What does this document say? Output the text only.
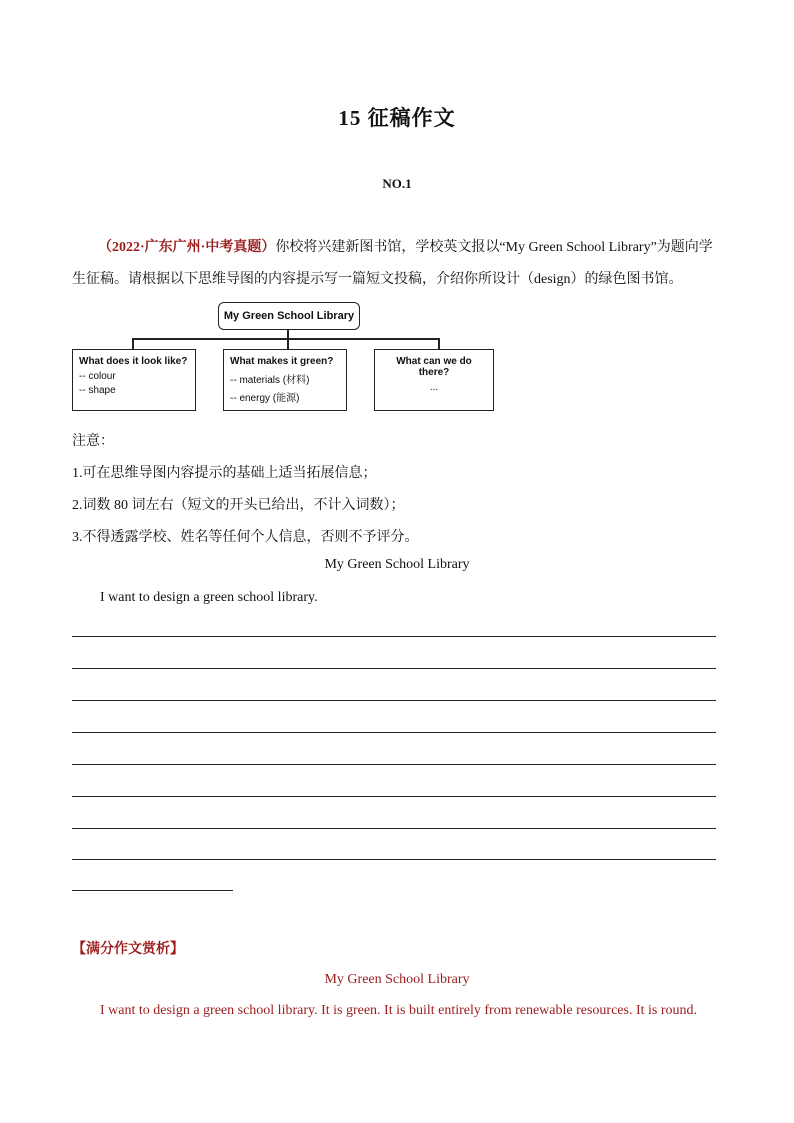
15 征稿作文
NO.1
（2022·广东广州·中考真题）你校将兴建新图书馆，学校英文报以“My Green School Library”为题向学生征稿。请根据以下思维导图的内容提示写一篇短文投稿，介绍你所设计（design）的绿色图书馆。
My Green School Library
What does it look like?
-- colour
-- shape
What makes it green?
-- materials (材料)
-- energy (能源)
What can we do there?
...
注意：
1.可在思维导图内容提示的基础上适当拓展信息；
2.词数 80 词左右（短文的开头已给出，不计入词数）；
3.不得透露学校、姓名等任何个人信息，否则不予评分。
My Green School Library
I want to design a green school library.
【满分作文赏析】
My Green School Library
I want to design a green school library. It is green. It is built entirely from renewable resources. It is round.
